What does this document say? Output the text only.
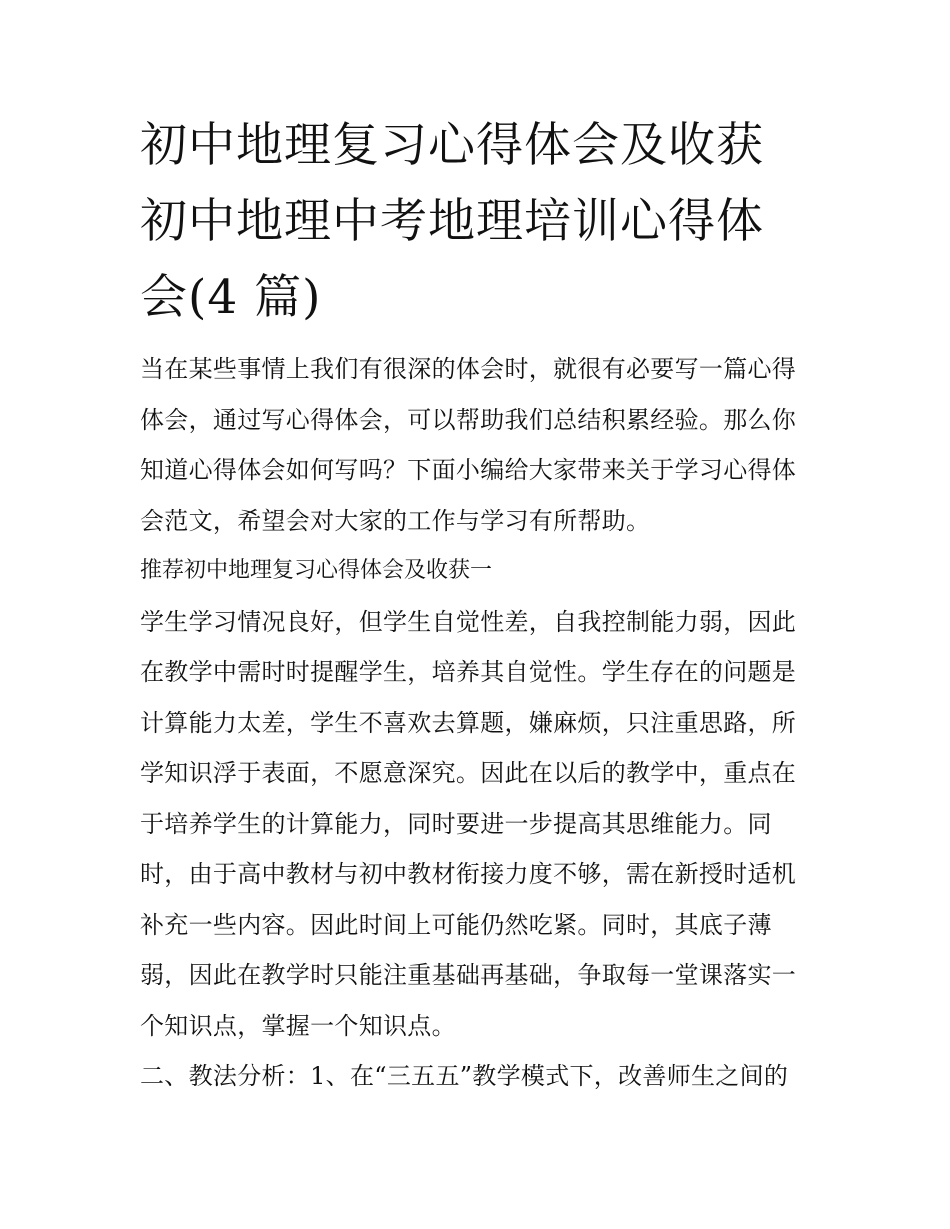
初中地理复习心得体会及收获
初中地理中考地理培训心得体
会(4 篇)

当在某些事情上我们有很深的体会时，就很有必要写一篇心得
体会，通过写心得体会，可以帮助我们总结积累经验。那么你
知道心得体会如何写吗？下面小编给大家带来关于学习心得体
会范文，希望会对大家的工作与学习有所帮助。

推荐初中地理复习心得体会及收获一

学生学习情况良好，但学生自觉性差，自我控制能力弱，因此
在教学中需时时提醒学生，培养其自觉性。学生存在的问题是
计算能力太差，学生不喜欢去算题，嫌麻烦，只注重思路，所
学知识浮于表面，不愿意深究。因此在以后的教学中，重点在
于培养学生的计算能力，同时要进一步提高其思维能力。同
时，由于高中教材与初中教材衔接力度不够，需在新授时适机
补充一些内容。因此时间上可能仍然吃紧。同时，其底子薄
弱，因此在教学时只能注重基础再基础，争取每一堂课落实一
个知识点，掌握一个知识点。

二、教法分析：1、在“三五五”教学模式下，改善师生之间的
